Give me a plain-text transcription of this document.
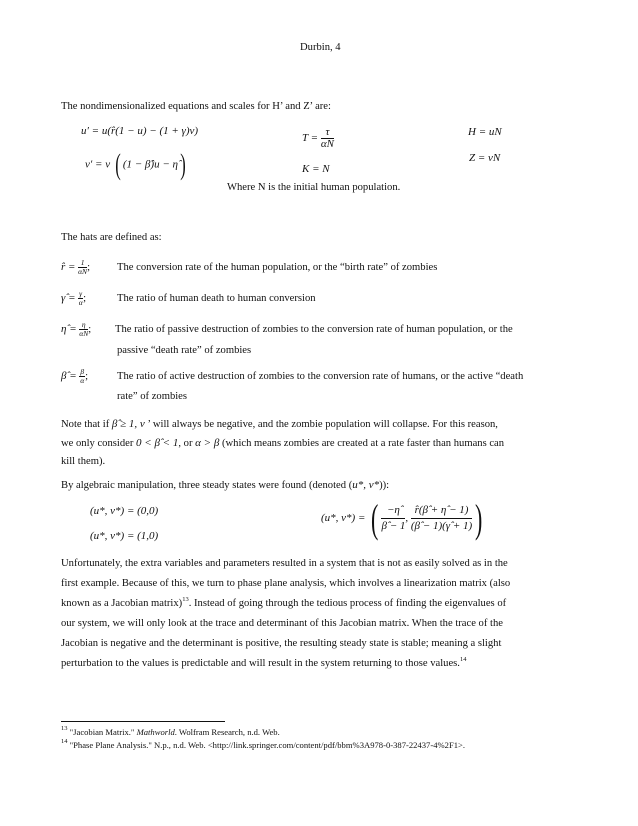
Durbin, 4
The nondimensionalized equations and scales for H’ and Z’ are:
u′ = u(r̂(1 − u) − (1 + γ)v)
v′ = v ( (1 − β̂)u − η̂)
$T = \frac{\tau}{\alpha N}$
K = N
H = uN
Z = vN
Where N is the initial human population.
The hats are defined as:
r̂ = $\frac{1}{\alpha N}$ ;	The conversion rate of the human population, or the “birth rate” of zombies
γ̂ = $\frac{\gamma}{\alpha}$ ;	The ratio of human death to human conversion
η̂ = $\frac{\eta}{\alpha N}$ ; The ratio of passive destruction of zombies to the conversion rate of human population, or the
passive “death rate” of zombies
β̂ = $\frac{\beta}{\alpha}$ ;	The ratio of active destruction of zombies to the conversion rate of humans, or the active “death
rate” of zombies
Note that if β̂ ≥ 1, v ’ will always be negative, and the zombie population will collapse. For this reason,
we only consider 0 < β̂ < 1, or α > β (which means zombies are created at a rate faster than humans can
kill them).
By algebraic manipulation, three steady states were found (denoted (u*, v*)):
(u*, v*) = (0,0)
(u*, v*) = (1,0)
(u*, v*) = ( $\frac{-\etâ}{\betâ - 1}$ , $\frac{r̂(\betâ + \etâ - 1)}{(\betâ - 1)(\gammâ + 1)}$ )
Unfortunately, the extra variables and parameters resulted in a system that is not as easily solved as in the
first example. Because of this, we turn to phase plane analysis, which involves a linearization matrix (also
known as a Jacobian matrix)$^{13}$. Instead of going through the tedious process of finding the eigenvalues of
our system, we will only look at the trace and determinant of this Jacobian matrix. When the trace of the
Jacobian is negative and the determinant is positive, the resulting steady state is stable; meaning a slight
perturbation to the values is predictable and will result in the system returning to those values.$^{14}$
$^{13}$ "Jacobian Matrix." Mathworld. Wolfram Research, n.d. Web.
$^{14}$ "Phase Plane Analysis." N.p., n.d. Web. <http://link.springer.com/content/pdf/bbm%3A978-0-387-22437-4%2F1>.
